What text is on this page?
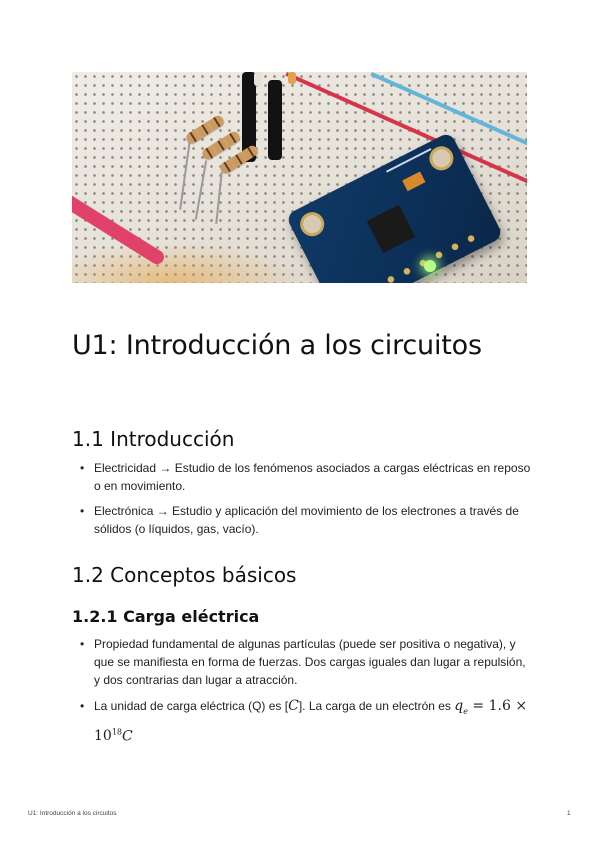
U1: Introducción a los circuitos
1.1 Introducción
• Electricidad → Estudio de los fenómenos asociados a cargas eléctricas en reposo o en movimiento.
• Electrónica → Estudio y aplicación del movimiento de los electrones a través de sólidos (o líquidos, gas, vacío).
1.2 Conceptos básicos
1.2.1 Carga eléctrica
• Propiedad fundamental de algunas partículas (puede ser positiva o negativa), y que se manifiesta en forma de fuerzas. Dos cargas iguales dan lugar a repulsión, y dos contrarias dan lugar a atracción.
• La unidad de carga eléctrica (Q) es [C]. La carga de un electrón es $q_e = 1.6 \times 10^{18}C$
U1: Introducción a los circuitos	1
